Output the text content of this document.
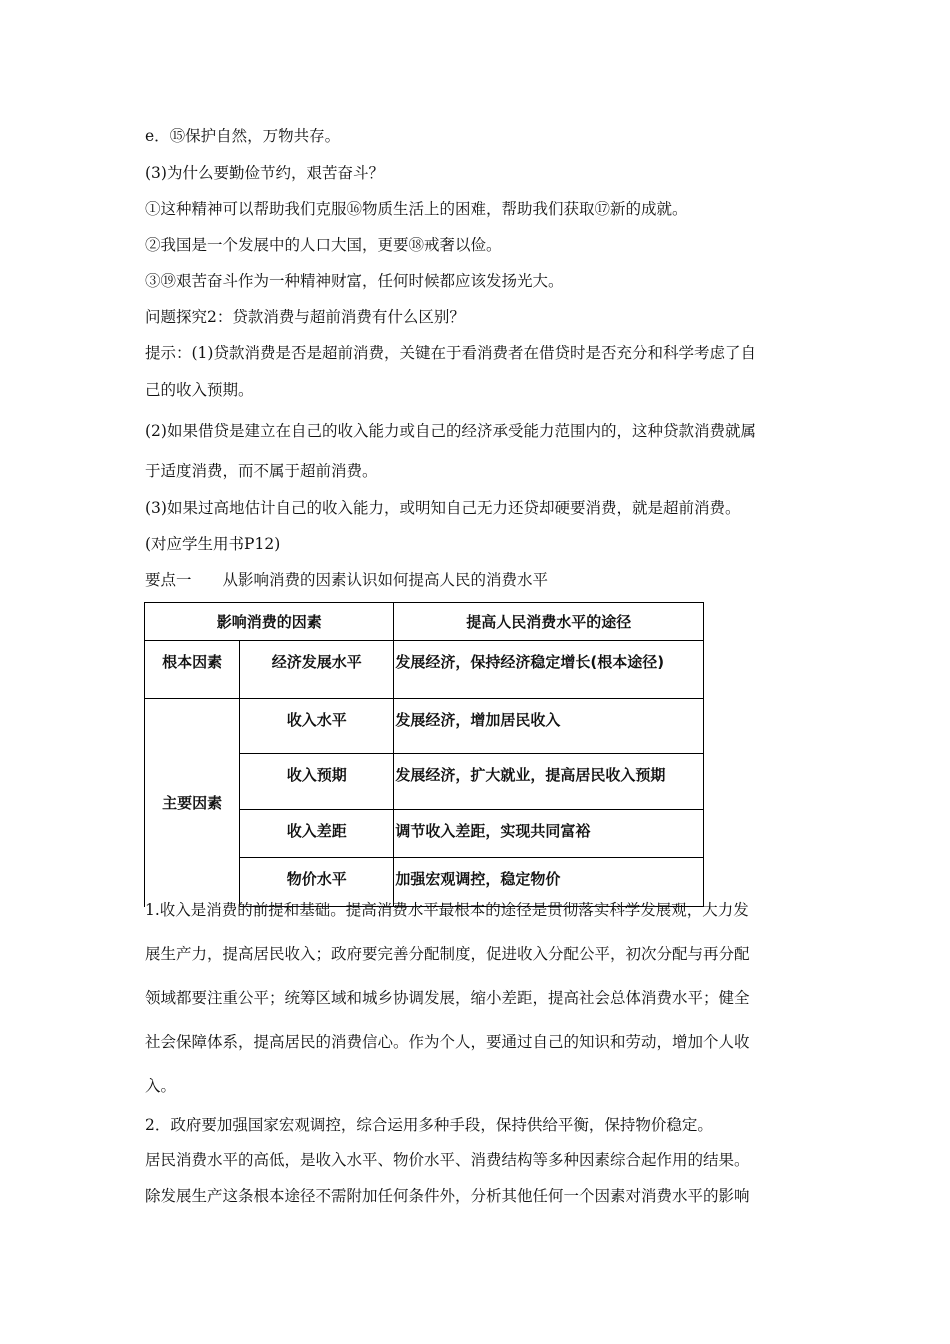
e．⑮保护自然，万物共存。

(3)为什么要勤俭节约，艰苦奋斗？

①这种精神可以帮助我们克服⑯物质生活上的困难，帮助我们获取⑰新的成就。

②我国是一个发展中的人口大国，更要⑱戒奢以俭。

③⑲艰苦奋斗作为一种精神财富，任何时候都应该发扬光大。

问题探究2：贷款消费与超前消费有什么区别？

提示：(1)贷款消费是否是超前消费，关键在于看消费者在借贷时是否充分和科学考虑了自

己的收入预期。

(2)如果借贷是建立在自己的收入能力或自己的经济承受能力范围内的，这种贷款消费就属

于适度消费，而不属于超前消费。

(3)如果过高地估计自己的收入能力，或明知自己无力还贷却硬要消费，就是超前消费。

(对应学生用书P12)

要点一　　从影响消费的因素认识如何提高人民的消费水平

影响消费的因素		提高人民消费水平的途径
根本因素	经济发展水平	发展经济，保持经济稳定增长(根本途径)
主要因素	收入水平	发展经济，增加居民收入
	收入预期	发展经济，扩大就业，提高居民收入预期
	收入差距	调节收入差距，实现共同富裕
	物价水平	加强宏观调控，稳定物价

1.收入是消费的前提和基础。提高消费水平最根本的途径是贯彻落实科学发展观，大力发

展生产力，提高居民收入；政府要完善分配制度，促进收入分配公平，初次分配与再分配

领域都要注重公平；统筹区域和城乡协调发展，缩小差距，提高社会总体消费水平；健全

社会保障体系，提高居民的消费信心。作为个人，要通过自己的知识和劳动，增加个人收

入。

2．政府要加强国家宏观调控，综合运用多种手段，保持供给平衡，保持物价稳定。

居民消费水平的高低，是收入水平、物价水平、消费结构等多种因素综合起作用的结果。

除发展生产这条根本途径不需附加任何条件外，分析其他任何一个因素对消费水平的影响
